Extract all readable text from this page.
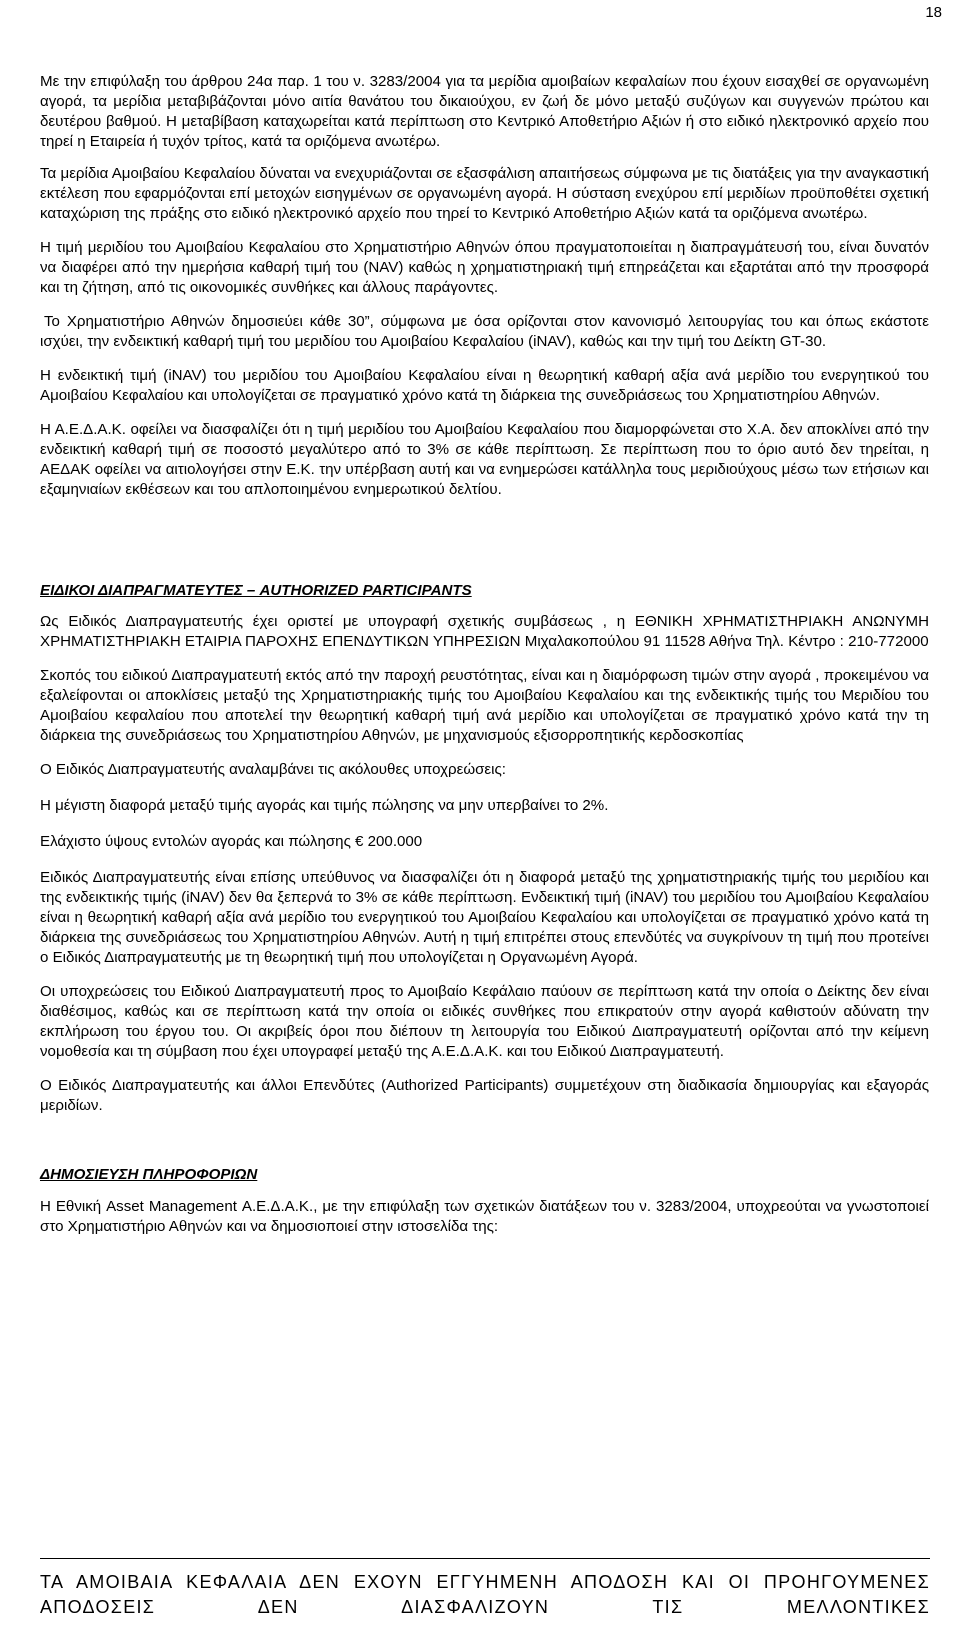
18

Με την επιφύλαξη του άρθρου 24α παρ. 1 του ν. 3283/2004 για τα μερίδια αμοιβαίων κεφαλαίων που έχουν εισαχθεί σε οργανωμένη αγορά, τα μερίδια μεταβιβάζονται μόνο αιτία θανάτου του δικαιούχου, εν ζωή δε μόνο μεταξύ συζύγων και συγγενών πρώτου και δευτέρου βαθμού. Η μεταβίβαση καταχωρείται κατά περίπτωση στο Κεντρικό Αποθετήριο Αξιών ή στο ειδικό ηλεκτρονικό αρχείο που τηρεί η Εταιρεία ή τυχόν τρίτος, κατά τα οριζόμενα ανωτέρω.

Τα μερίδια Αμοιβαίου Κεφαλαίου δύναται να ενεχυριάζονται σε εξασφάλιση απαιτήσεως σύμφωνα με τις διατάξεις για την αναγκαστική εκτέλεση που εφαρμόζονται επί μετοχών εισηγμένων σε οργανωμένη αγορά. Η σύσταση ενεχύρου επί μεριδίων προϋποθέτει σχετική καταχώριση της πράξης στο ειδικό ηλεκτρονικό αρχείο που τηρεί το Κεντρικό Αποθετήριο Αξιών κατά τα οριζόμενα ανωτέρω.

Η τιμή μεριδίου του Αμοιβαίου Κεφαλαίου στο Χρηματιστήριο Αθηνών όπου πραγματοποιείται η διαπραγμάτευσή του, είναι δυνατόν να διαφέρει από την ημερήσια καθαρή τιμή του (NAV) καθώς η χρηματιστηριακή τιμή επηρεάζεται και εξαρτάται από την προσφορά και τη ζήτηση, από τις οικονομικές συνθήκες και άλλους παράγοντες.

Το Χρηματιστήριο Αθηνών δημοσιεύει κάθε 30”, σύμφωνα με όσα ορίζονται στον κανονισμό λειτουργίας του και όπως εκάστοτε ισχύει, την ενδεικτική καθαρή τιμή του μεριδίου του Αμοιβαίου Κεφαλαίου (iNAV), καθώς και την τιμή του Δείκτη GT-30.

Η ενδεικτική τιμή (iNAV) του μεριδίου του Αμοιβαίου Κεφαλαίου είναι η θεωρητική καθαρή αξία ανά μερίδιο του ενεργητικού του Αμοιβαίου Κεφαλαίου και υπολογίζεται σε πραγματικό χρόνο κατά τη διάρκεια της συνεδριάσεως του Χρηματιστηρίου Αθηνών.

Η Α.Ε.Δ.Α.Κ. οφείλει να διασφαλίζει ότι η τιμή μεριδίου του Αμοιβαίου Κεφαλαίου που διαμορφώνεται στο Χ.Α. δεν αποκλίνει από την ενδεικτική καθαρή τιμή σε ποσοστό μεγαλύτερο από το 3% σε κάθε περίπτωση. Σε περίπτωση που το όριο αυτό δεν τηρείται, η ΑΕΔΑΚ οφείλει να αιτιολογήσει στην Ε.Κ. την υπέρβαση αυτή και να ενημερώσει κατάλληλα τους μεριδιούχους μέσω των ετήσιων και εξαμηνιαίων εκθέσεων και του απλοποιημένου ενημερωτικού δελτίου.

ΕΙΔΙΚΟΙ ΔΙΑΠΡΑΓΜΑΤΕΥΤΕΣ – AUTHORIZED PARTICIPANTS

Ως Ειδικός Διαπραγματευτής έχει οριστεί με υπογραφή σχετικής συμβάσεως , η ΕΘΝΙΚΗ ΧΡΗΜΑΤΙΣΤΗΡΙΑΚΗ ΑΝΩΝΥΜΗ ΧΡΗΜΑΤΙΣΤΗΡΙΑΚΗ ΕΤΑΙΡΙΑ ΠΑΡΟΧΗΣ ΕΠΕΝΔΥΤΙΚΩΝ ΥΠΗΡΕΣΙΩΝ Μιχαλακοπούλου 91 11528 Αθήνα Τηλ. Κέντρο : 210-772000

Σκοπός του ειδικού Διαπραγματευτή εκτός από την παροχή ρευστότητας, είναι και η διαμόρφωση τιμών στην αγορά , προκειμένου να εξαλείφονται οι αποκλίσεις μεταξύ της Χρηματιστηριακής τιμής του Αμοιβαίου Κεφαλαίου και της ενδεικτικής τιμής του Μεριδίου του Αμοιβαίου κεφαλαίου που αποτελεί την θεωρητική καθαρή τιμή ανά μερίδιο και υπολογίζεται σε πραγματικό χρόνο κατά την τη διάρκεια της συνεδριάσεως του Χρηματιστηρίου Αθηνών, με μηχανισμούς εξισορροπητικής κερδοσκοπίας

Ο Ειδικός Διαπραγματευτής αναλαμβάνει τις ακόλουθες υποχρεώσεις:

Η μέγιστη διαφορά μεταξύ τιμής αγοράς και τιμής πώλησης να μην υπερβαίνει το 2%.

Ελάχιστο ύψους εντολών αγοράς και πώλησης € 200.000

Ειδικός Διαπραγματευτής είναι επίσης υπεύθυνος να διασφαλίζει ότι η διαφορά μεταξύ της χρηματιστηριακής τιμής του μεριδίου και της ενδεικτικής τιμής (iNAV) δεν θα ξεπερνά το 3% σε κάθε περίπτωση. Ενδεικτική τιμή (iNAV) του μεριδίου του Αμοιβαίου Κεφαλαίου είναι η θεωρητική καθαρή αξία ανά μερίδιο του ενεργητικού του Αμοιβαίου Κεφαλαίου και υπολογίζεται σε πραγματικό χρόνο κατά τη διάρκεια της συνεδριάσεως του Χρηματιστηρίου Αθηνών. Αυτή η τιμή επιτρέπει στους επενδύτές να συγκρίνουν τη τιμή που προτείνει ο Ειδικός Διαπραγματευτής με τη θεωρητική τιμή που υπολογίζεται η Οργανωμένη Αγορά.

Οι υποχρεώσεις του Ειδικού Διαπραγματευτή προς το Αμοιβαίο Κεφάλαιο παύουν σε περίπτωση κατά την οποία ο Δείκτης δεν είναι διαθέσιμος, καθώς και σε περίπτωση κατά την οποία οι ειδικές συνθήκες που επικρατούν στην αγορά καθιστούν αδύνατη την εκπλήρωση του έργου του. Οι ακριβείς όροι που διέπουν τη λειτουργία του Ειδικού Διαπραγματευτή ορίζονται από την κείμενη νομοθεσία και τη σύμβαση που έχει υπογραφεί μεταξύ της Α.Ε.Δ.Α.Κ. και του Ειδικού Διαπραγματευτή.

Ο Ειδικός Διαπραγματευτής και άλλοι Επενδύτες (Authorized Participants) συμμετέχουν στη διαδικασία δημιουργίας και εξαγοράς μεριδίων.

ΔΗΜΟΣΙΕΥΣΗ ΠΛΗΡΟΦΟΡΙΩΝ

Η Εθνική Asset Management Α.Ε.Δ.Α.Κ., με την επιφύλαξη των σχετικών διατάξεων του ν. 3283/2004, υποχρεούται να γνωστοποιεί στο Χρηματιστήριο Αθηνών και να δημοσιοποιεί στην ιστοσελίδα της:

ΤΑ ΑΜΟΙΒΑΙΑ ΚΕΦΑΛΑΙΑ ΔΕΝ ΕΧΟΥΝ ΕΓΓΥΗΜΕΝΗ ΑΠΟΔΟΣΗ ΚΑΙ ΟΙ ΠΡΟΗΓΟΥΜΕΝΕΣ ΑΠΟΔΟΣΕΙΣ ΔΕΝ ΔΙΑΣΦΑΛΙΖΟΥΝ ΤΙΣ ΜΕΛΛΟΝΤΙΚΕΣ
